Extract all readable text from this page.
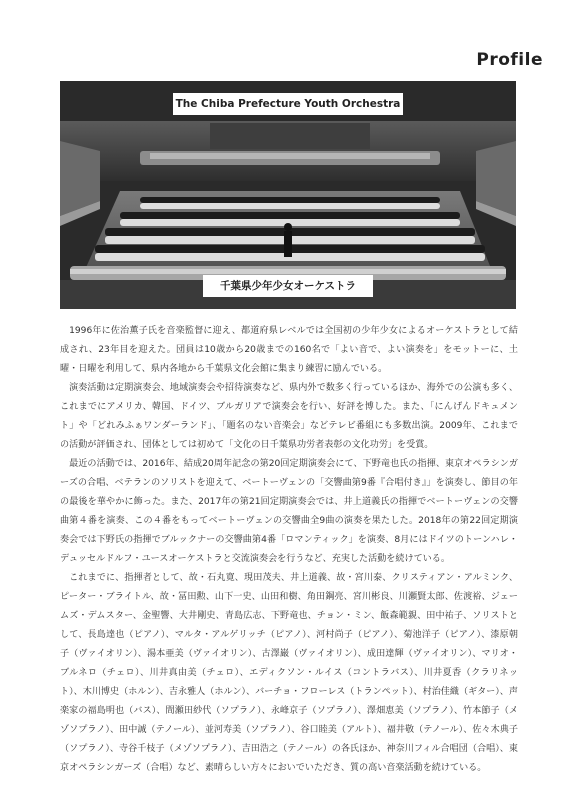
Profile
The Chiba Prefecture Youth Orchestra
千葉県少年少女オーケストラ

1996年に佐治薫子氏を音楽監督に迎え、都道府県レベルでは全国初の少年少女によるオーケストラとして結成され、23年目を迎えた。団員は10歳から20歳までの160名で「よい音で、よい演奏を」をモットーに、土曜・日曜を利用して、県内各地から千葉県文化会館に集まり練習に励んでいる。

演奏活動は定期演奏会、地域演奏会や招待演奏など、県内外で数多く行っているほか、海外での公演も多く、これまでにアメリカ、韓国、ドイツ、ブルガリアで演奏会を行い、好評を博した。また、「にんげんドキュメント」や「どれみふぁワンダーランド」、「題名のない音楽会」などテレビ番組にも多数出演。2009年、これまでの活動が評価され、団体としては初めて「文化の日千葉県功労者表彰の文化功労」を受賞。

最近の活動では、2016年、結成20周年記念の第20回定期演奏会にて、下野竜也氏の指揮、東京オペラシンガーズの合唱、ベテランのソリストを迎えて、ベートーヴェンの「交響曲第9番『合唱付き』」を演奏し、節目の年の最後を華やかに飾った。また、2017年の第21回定期演奏会では、井上道義氏の指揮でベートーヴェンの交響曲第４番を演奏、この４番をもってベートーヴェンの交響曲全9曲の演奏を果たした。2018年の第22回定期演奏会では下野氏の指揮でブルックナーの交響曲第4番「ロマンティック」を演奏、8月にはドイツのトーンハレ・デュッセルドルフ・ユースオーケストラと交流演奏会を行うなど、充実した活動を続けている。

これまでに、指揮者として、故・石丸寛、現田茂夫、井上道義、故・宮川泰、クリスティアン・アルミンク、ピーター・ブライトル、故・冨田勲、山下一史、山田和樹、角田鋼亮、宮川彬良、川瀬賢太郎、佐渡裕、ジェームズ・デムスター、金聖響、大井剛史、青島広志、下野竜也、チョン・ミン、飯森範親、田中祐子、ソリストとして、長島達也（ピアノ）、マルタ・アルゲリッチ（ピアノ）、河村尚子（ピアノ）、菊池洋子（ピアノ）、漆原朝子（ヴァイオリン）、湯本亜美（ヴァイオリン）、古澤巌（ヴァイオリン）、成田達輝（ヴァイオリン）、マリオ・ブルネロ（チェロ）、川井真由美（チェロ）、エディクソン・ルイス（コントラバス）、川井夏香（クラリネット）、木川博史（ホルン）、吉永雅人（ホルン）、バーチョ・フローレス（トランペット）、村治佳織（ギター）、声楽家の福島明也（バス）、間瀬田紗代（ソプラノ）、永峰京子（ソプラノ）、澤畑恵美（ソプラノ）、竹本節子（メゾソプラノ）、田中誠（テノール）、並河寿美（ソプラノ）、谷口睦美（アルト）、福井敬（テノール）、佐々木典子（ソプラノ）、寺谷千枝子（メゾソプラノ）、吉田浩之（テノール）の各氏ほか、神奈川フィル合唱団（合唱）、東京オペラシンガーズ（合唱）など、素晴らしい方々においでいただき、質の高い音楽活動を続けている。
